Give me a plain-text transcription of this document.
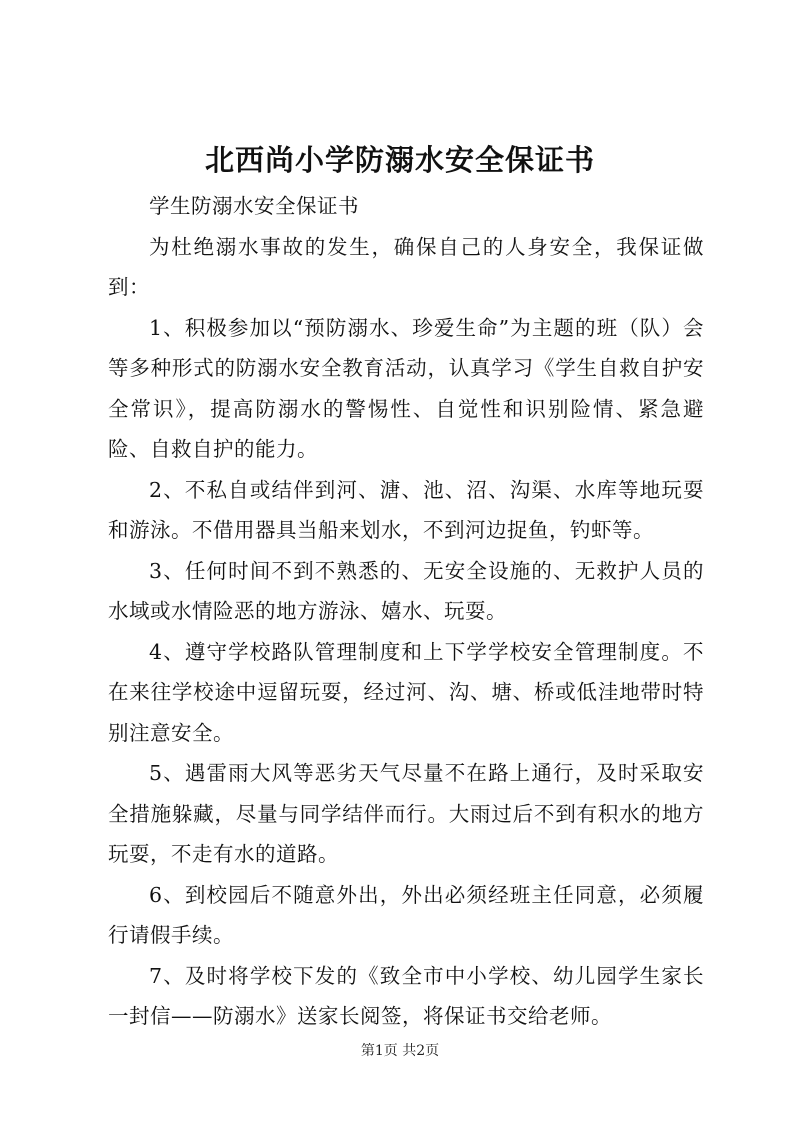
北西尚小学防溺水安全保证书

学生防溺水安全保证书

为杜绝溺水事故的发生，确保自己的人身安全，我保证做到：

1、积极参加以“预防溺水、珍爱生命”为主题的班（队）会等多种形式的防溺水安全教育活动，认真学习《学生自救自护安全常识》，提高防溺水的警惕性、自觉性和识别险情、紧急避险、自救自护的能力。

2、不私自或结伴到河、溏、池、沼、沟渠、水库等地玩耍和游泳。不借用器具当船来划水，不到河边捉鱼，钓虾等。

3、任何时间不到不熟悉的、无安全设施的、无救护人员的水域或水情险恶的地方游泳、嬉水、玩耍。

4、遵守学校路队管理制度和上下学学校安全管理制度。不在来往学校途中逗留玩耍，经过河、沟、塘、桥或低洼地带时特别注意安全。

5、遇雷雨大风等恶劣天气尽量不在路上通行，及时采取安全措施躲藏，尽量与同学结伴而行。大雨过后不到有积水的地方玩耍，不走有水的道路。

6、到校园后不随意外出，外出必须经班主任同意，必须履行请假手续。

7、及时将学校下发的《致全市中小学校、幼儿园学生家长一封信——防溺水》送家长阅签，将保证书交给老师。

第1页 共2页
